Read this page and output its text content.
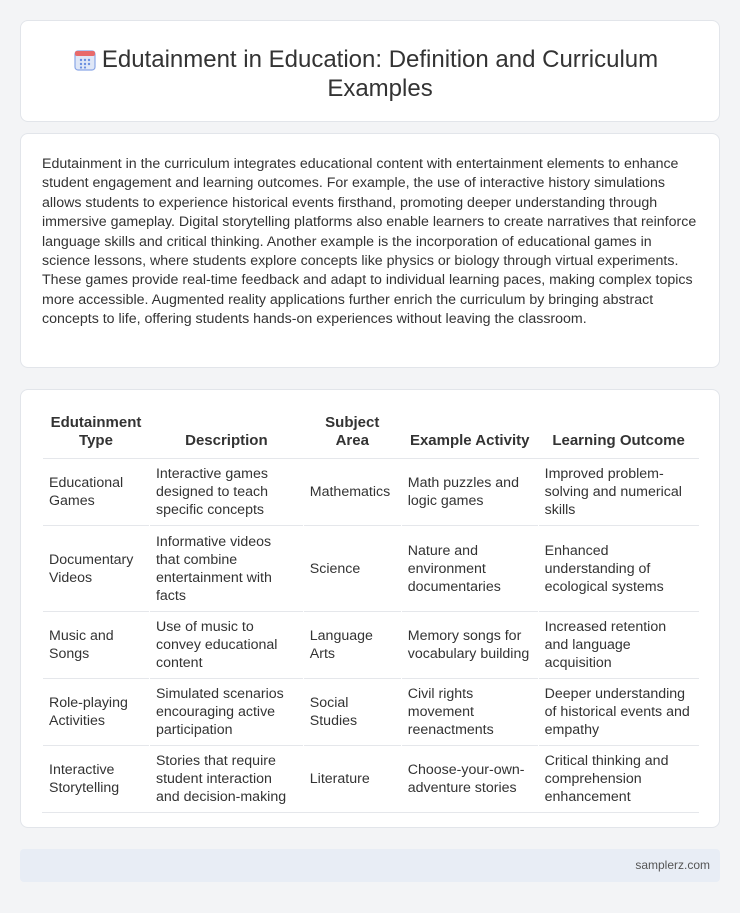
Edutainment in Education: Definition and Curriculum Examples

Edutainment in the curriculum integrates educational content with entertainment elements to enhance student engagement and learning outcomes. For example, the use of interactive history simulations allows students to experience historical events firsthand, promoting deeper understanding through immersive gameplay. Digital storytelling platforms also enable learners to create narratives that reinforce language skills and critical thinking. Another example is the incorporation of educational games in science lessons, where students explore concepts like physics or biology through virtual experiments. These games provide real-time feedback and adapt to individual learning paces, making complex topics more accessible. Augmented reality applications further enrich the curriculum by bringing abstract concepts to life, offering students hands-on experiences without leaving the classroom.

Edutainment Type	Description	Subject Area	Example Activity	Learning Outcome
Educational Games	Interactive games designed to teach specific concepts	Mathematics	Math puzzles and logic games	Improved problem-solving and numerical skills
Documentary Videos	Informative videos that combine entertainment with facts	Science	Nature and environment documentaries	Enhanced understanding of ecological systems
Music and Songs	Use of music to convey educational content	Language Arts	Memory songs for vocabulary building	Increased retention and language acquisition
Role-playing Activities	Simulated scenarios encouraging active participation	Social Studies	Civil rights movement reenactments	Deeper understanding of historical events and empathy
Interactive Storytelling	Stories that require student interaction and decision-making	Literature	Choose-your-own-adventure stories	Critical thinking and comprehension enhancement
samplerz.com
